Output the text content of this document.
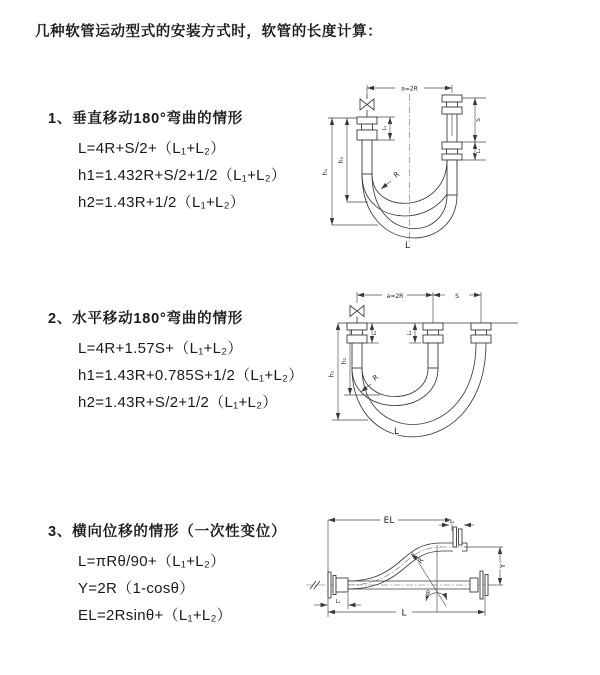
几种软管运动型式的安装方式时，软管的长度计算：
1、垂直移动180°弯曲的情形
L=4R+S/2+（L₁+L₂）
h1=1.432R+S/2+1/2（L₁+L₂）
h2=1.43R+1/2（L₁+L₂）
2、水平移动180°弯曲的情形
L=4R+1.57S+（L₁+L₂）
h1=1.43R+0.785S+1/2（L₁+L₂）
h2=1.43R+S/2+1/2（L₁+L₂）
3、横向位移的情形（一次性变位）
L=πRθ/90+（L₁+L₂）
Y=2R（1-cosθ）
EL=2Rsinθ+（L₁+L₂）
a=2R
h₁
h₂
L₁
S
L₂
R
L
a=2R	S
h₁
h₂
L₁	L₂
R
L
EL	L₂
Y
L
L₁
θ
R
